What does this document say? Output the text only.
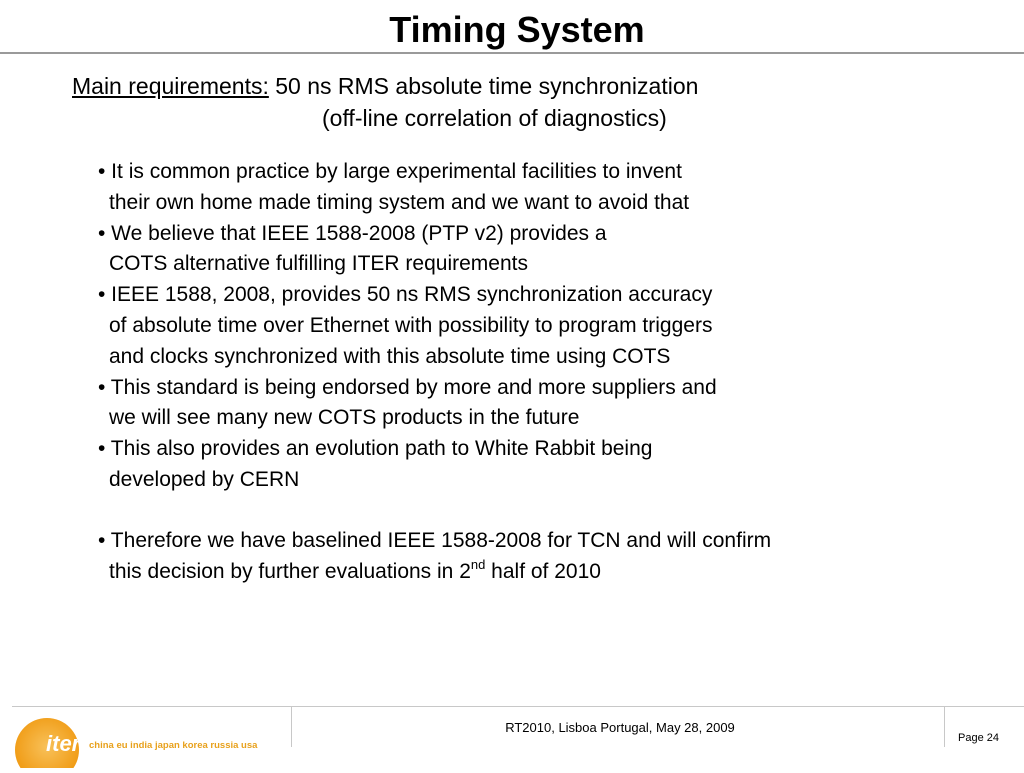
Timing System
Main requirements: 50 ns RMS absolute time synchronization
(off-line correlation of diagnostics)
• It is common practice by large experimental facilities to invent
their own home made timing system and we want to avoid that
• We believe that IEEE 1588-2008 (PTP v2) provides a
COTS alternative fulfilling ITER requirements
• IEEE 1588, 2008, provides 50 ns RMS synchronization accuracy
of absolute time over Ethernet with possibility to program triggers
and clocks synchronized with this absolute time using COTS
• This standard is being endorsed by more and more suppliers and
we will see many new COTS products in the future
• This also provides an evolution path to White Rabbit being
developed by CERN
• Therefore we have baselined IEEE 1588-2008 for TCN and will confirm
this decision by further evaluations in 2nd half of 2010
iter china eu india japan korea russia usa
RT2010, Lisboa Portugal, May 28, 2009
Page 24
